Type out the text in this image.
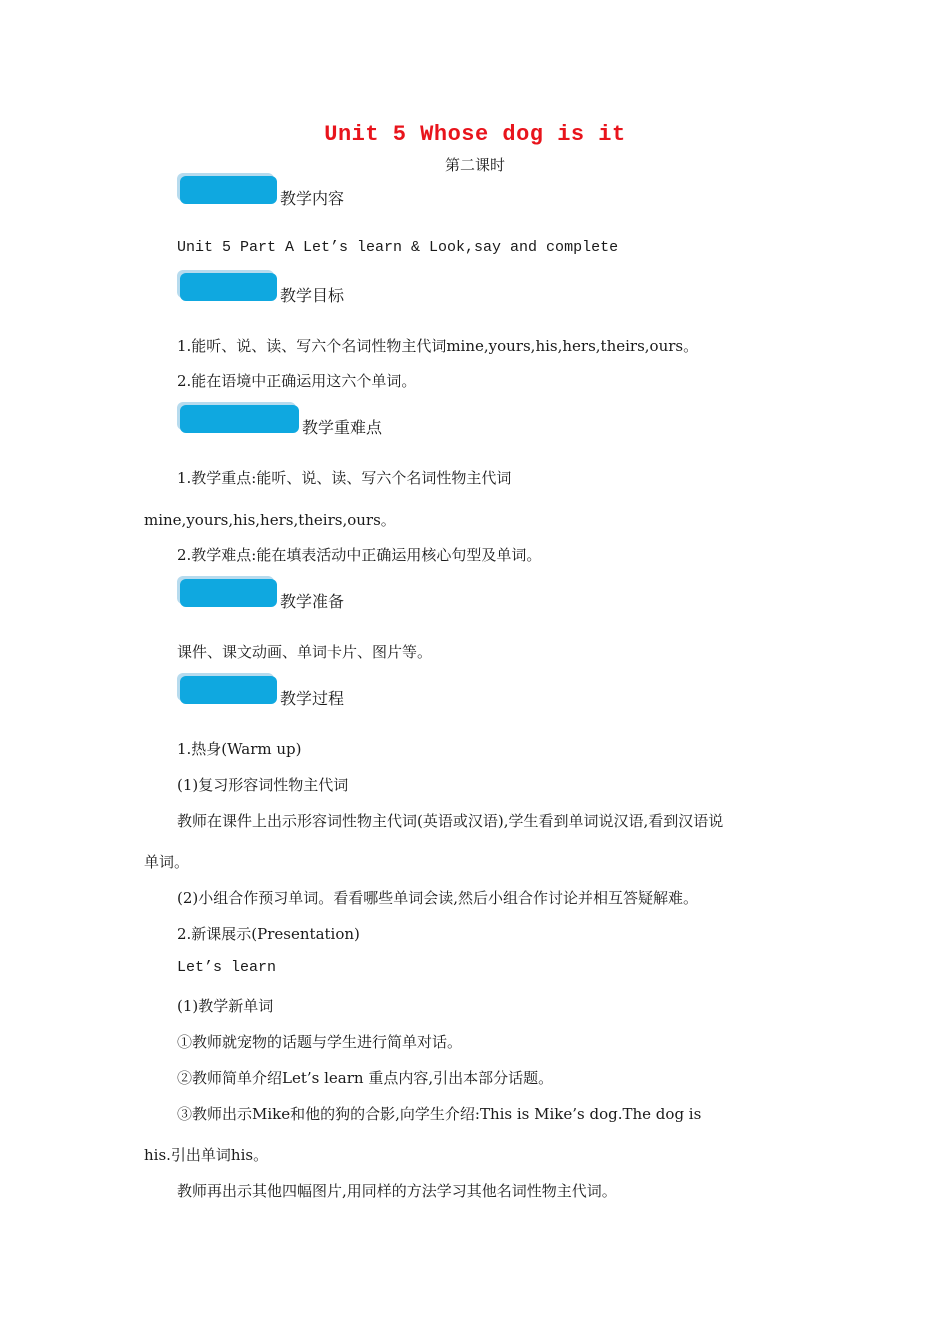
Unit 5 Whose dog is it
第二课时
教学内容
Unit 5 Part A Let’s learn & Look,say and complete
教学目标
1.能听、说、读、写六个名词性物主代词mine,yours,his,hers,theirs,ours。
2.能在语境中正确运用这六个单词。
教学重难点
1.教学重点:能听、说、读、写六个名词性物主代词
mine,yours,his,hers,theirs,ours。
2.教学难点:能在填表活动中正确运用核心句型及单词。
教学准备
课件、课文动画、单词卡片、图片等。
教学过程
1.热身(Warm up)
(1)复习形容词性物主代词
教师在课件上出示形容词性物主代词(英语或汉语),学生看到单词说汉语,看到汉语说
单词。
(2)小组合作预习单词。看看哪些单词会读,然后小组合作讨论并相互答疑解难。
2.新课展示(Presentation)
Let’s learn
(1)教学新单词
①教师就宠物的话题与学生进行简单对话。
②教师简单介绍Let’s learn 重点内容,引出本部分话题。
③教师出示Mike和他的狗的合影,向学生介绍:This is Mike’s dog.The dog is
his.引出单词his。
教师再出示其他四幅图片,用同样的方法学习其他名词性物主代词。
